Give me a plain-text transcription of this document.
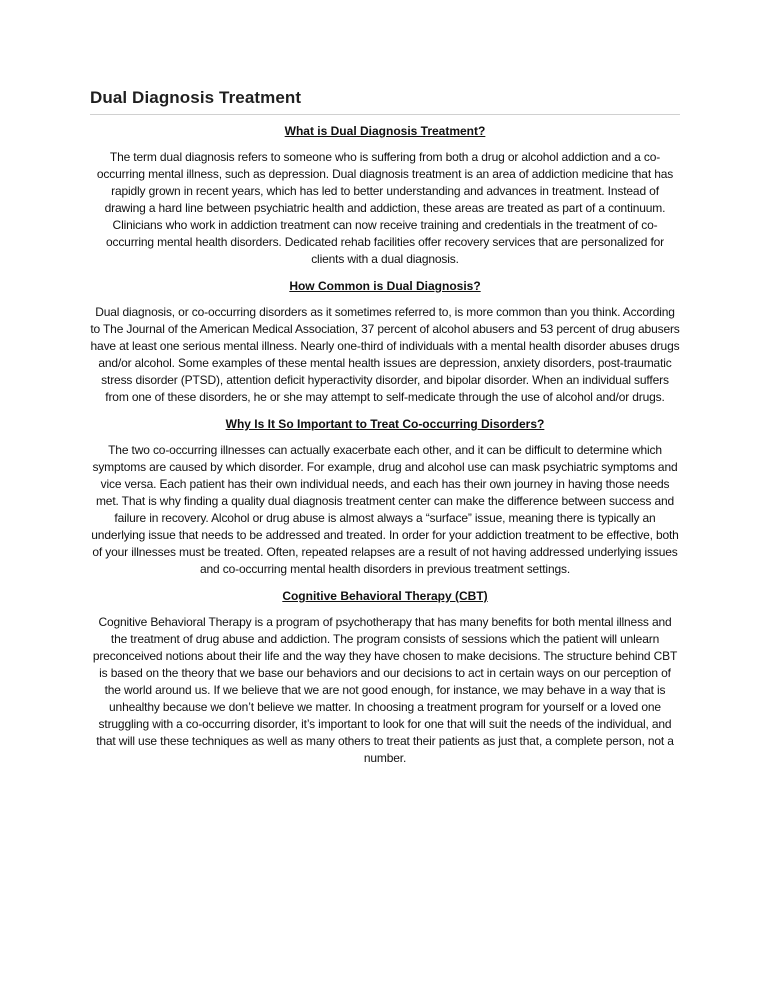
Dual Diagnosis Treatment
What is Dual Diagnosis Treatment?

The term dual diagnosis refers to someone who is suffering from both a drug or alcohol addiction and a co-occurring mental illness, such as depression. Dual diagnosis treatment is an area of addiction medicine that has rapidly grown in recent years, which has led to better understanding and advances in treatment. Instead of drawing a hard line between psychiatric health and addiction, these areas are treated as part of a continuum. Clinicians who work in addiction treatment can now receive training and credentials in the treatment of co-occurring mental health disorders. Dedicated rehab facilities offer recovery services that are personalized for clients with a dual diagnosis.

How Common is Dual Diagnosis?

Dual diagnosis, or co-occurring disorders as it sometimes referred to, is more common than you think. According to The Journal of the American Medical Association, 37 percent of alcohol abusers and 53 percent of drug abusers have at least one serious mental illness. Nearly one-third of individuals with a mental health disorder abuses drugs and/or alcohol. Some examples of these mental health issues are depression, anxiety disorders, post-traumatic stress disorder (PTSD), attention deficit hyperactivity disorder, and bipolar disorder. When an individual suffers from one of these disorders, he or she may attempt to self-medicate through the use of alcohol and/or drugs.

Why Is It So Important to Treat Co-occurring Disorders?

The two co-occurring illnesses can actually exacerbate each other, and it can be difficult to determine which symptoms are caused by which disorder. For example, drug and alcohol use can mask psychiatric symptoms and vice versa. Each patient has their own individual needs, and each has their own journey in having those needs met. That is why finding a quality dual diagnosis treatment center can make the difference between success and failure in recovery. Alcohol or drug abuse is almost always a “surface” issue, meaning there is typically an underlying issue that needs to be addressed and treated. In order for your addiction treatment to be effective, both of your illnesses must be treated. Often, repeated relapses are a result of not having addressed underlying issues and co-occurring mental health disorders in previous treatment settings.

Cognitive Behavioral Therapy (CBT)

Cognitive Behavioral Therapy is a program of psychotherapy that has many benefits for both mental illness and the treatment of drug abuse and addiction. The program consists of sessions which the patient will unlearn preconceived notions about their life and the way they have chosen to make decisions. The structure behind CBT is based on the theory that we base our behaviors and our decisions to act in certain ways on our perception of the world around us. If we believe that we are not good enough, for instance, we may behave in a way that is unhealthy because we don’t believe we matter. In choosing a treatment program for yourself or a loved one struggling with a co-occurring disorder, it’s important to look for one that will suit the needs of the individual, and that will use these techniques as well as many others to treat their patients as just that, a complete person, not a number.
